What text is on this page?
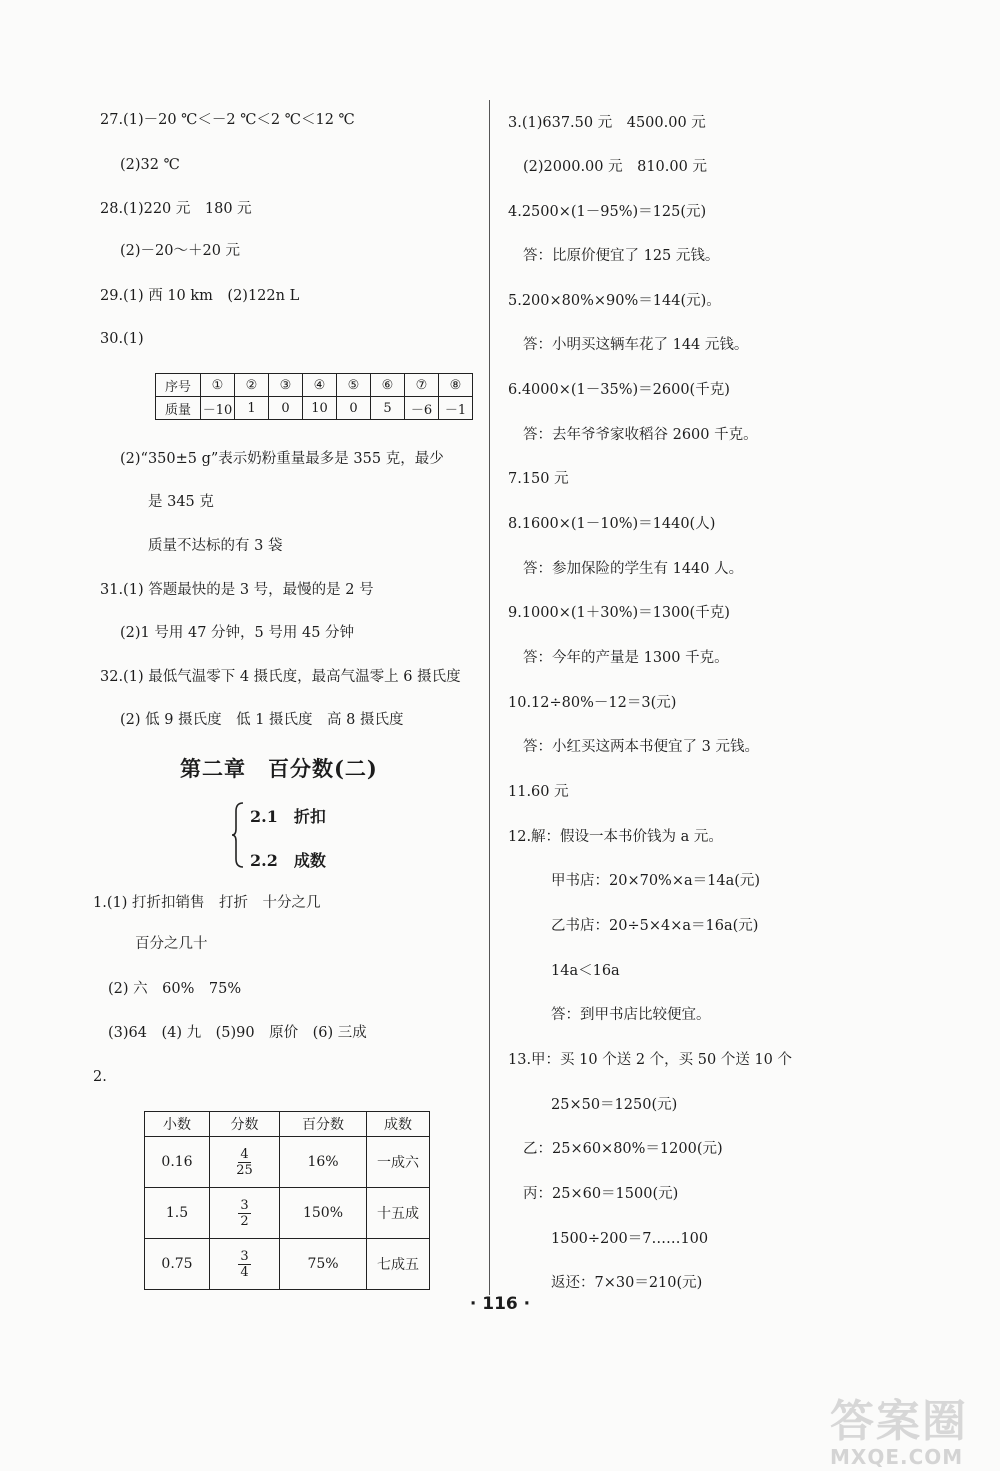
27.(1)－20 ℃＜－2 ℃＜2 ℃＜12 ℃
(2)32 ℃
28.(1)220 元　180 元
(2)－20～＋20 元
29.(1) 西 10 km　(2)122n L
30.(1)
序号	①	②	③	④	⑤	⑥	⑦	⑧
质量	－10	1	0	10	0	5	－6	－1
(2)“350±5 g”表示奶粉重量最多是 355 克，最少
是 345 克
质量不达标的有 3 袋
31.(1) 答题最快的是 3 号，最慢的是 2 号
(2)1 号用 47 分钟，5 号用 45 分钟
32.(1) 最低气温零下 4 摄氏度，最高气温零上 6 摄氏度
(2) 低 9 摄氏度　低 1 摄氏度　高 8 摄氏度
第二章　百分数(二)
2.1　折扣
2.2　成数
1.(1) 打折扣销售　打折　十分之几
百分之几十
(2) 六　60%　75%
(3)64　(4) 九　(5)90　原价　(6) 三成
2.
小数	分数	百分数	成数
0.16	$\frac{4}{25}$	16%	一成六
1.5	$\frac{3}{2}$	150%	十五成
0.75	$\frac{3}{4}$	75%	七成五
3.(1)637.50 元　4500.00 元
(2)2000.00 元　810.00 元
4.2500×(1－95%)＝125(元)
答：比原价便宜了 125 元钱。
5.200×80%×90%＝144(元)。
答：小明买这辆车花了 144 元钱。
6.4000×(1－35%)＝2600(千克)
答：去年爷爷家收稻谷 2600 千克。
7.150 元
8.1600×(1－10%)＝1440(人)
答：参加保险的学生有 1440 人。
9.1000×(1＋30%)＝1300(千克)
答：今年的产量是 1300 千克。
10.12÷80%－12＝3(元)
答：小红买这两本书便宜了 3 元钱。
11.60 元
12.解：假设一本书价钱为 a 元。
甲书店：20×70%×a＝14a(元)
乙书店：20÷5×4×a＝16a(元)
14a＜16a
答：到甲书店比较便宜。
13.甲：买 10 个送 2 个，买 50 个送 10 个
25×50＝1250(元)
乙：25×60×80%＝1200(元)
丙：25×60＝1500(元)
1500÷200＝7……100
返还：7×30＝210(元)
· 116 ·
答案圈
MXQE.COM
